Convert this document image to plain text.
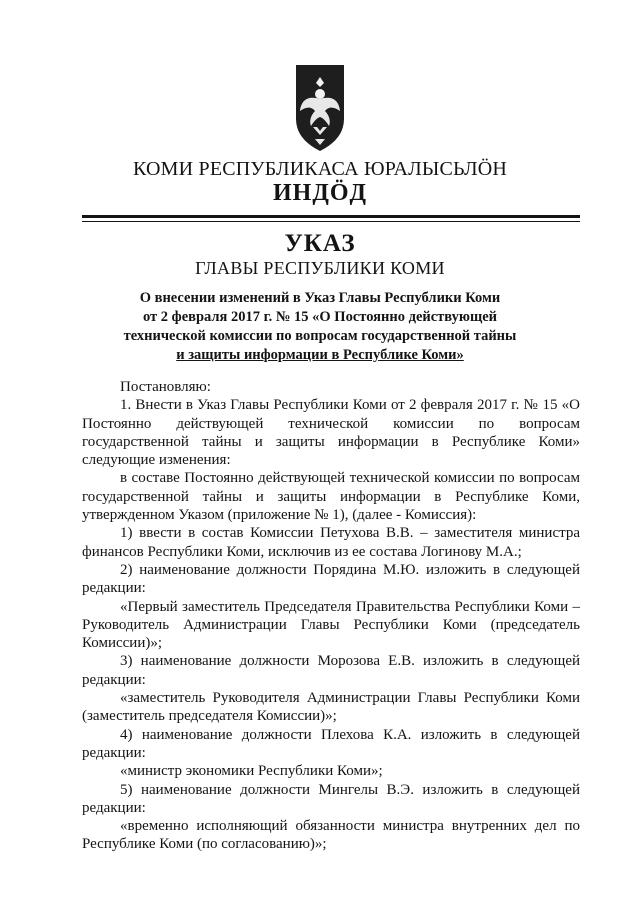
КОМИ РЕСПУБЛИКАСА ЮРАЛЫСЬЛӦН
ИНДӦД
УКАЗ
ГЛАВЫ РЕСПУБЛИКИ КОМИ
О внесении изменений в Указ Главы Республики Коми
от 2 февраля 2017 г. № 15 «О Постоянно действующей
технической комиссии по вопросам государственной тайны
и защиты информации в Республике Коми»

Постановляю:

1. Внести в Указ Главы Республики Коми от 2 февраля 2017 г. № 15 «О Постоянно действующей технической комиссии по вопросам государственной тайны и защиты информации в Республике Коми» следующие изменения:

в составе Постоянно действующей технической комиссии по вопросам государственной тайны и защиты информации в Республике Коми, утвержденном Указом (приложение № 1), (далее - Комиссия):

1) ввести в состав Комиссии Петухова В.В. – заместителя министра финансов Республики Коми, исключив из ее состава Логинову М.А.;

2) наименование должности Порядина М.Ю. изложить в следующей редакции:

«Первый заместитель Председателя Правительства Республики Коми – Руководитель Администрации Главы Республики Коми (председатель Комиссии)»;

3) наименование должности Морозова Е.В. изложить в следующей редакции:

«заместитель Руководителя Администрации Главы Республики Коми (заместитель председателя Комиссии)»;

4) наименование должности Плехова К.А. изложить в следующей редакции:

«министр экономики Республики Коми»;

5) наименование должности Мингелы В.Э. изложить в следующей редакции:

«временно исполняющий обязанности министра внутренних дел по Республике Коми (по согласованию)»;
